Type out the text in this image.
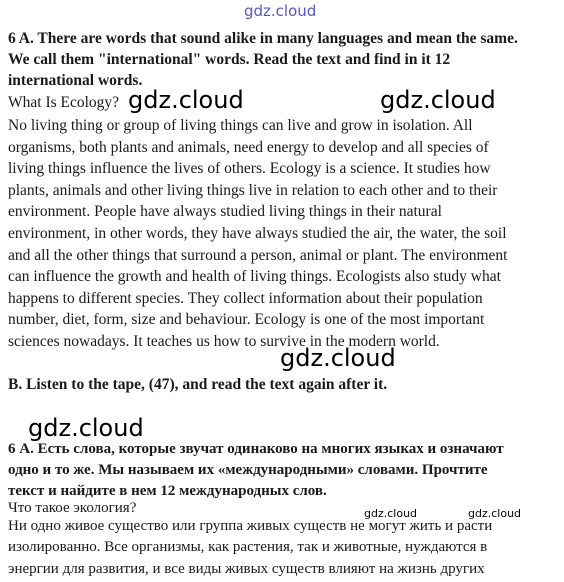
gdz.cloud
gdz.cloud	gdz.cloud
gdz.cloud
gdz.cloud
gdz.cloud	gdz.cloud
6 A. There are words that sound alike in many languages and mean the same.
We call them "international" words. Read the text and find in it 12
international words.
What Is Ecology?
No living thing or group of living things can live and grow in isolation. All
organisms, both plants and animals, need energy to develop and all species of
living things influence the lives of others. Ecology is a science. It studies how
plants, animals and other living things live in relation to each other and to their
environment. People have always studied living things in their natural
environment, in other words, they have always studied the air, the water, the soil
and all the other things that surround a person, animal or plant. The environment
can influence the growth and health of living things. Ecologists also study what
happens to different species. They collect information about their population
number, diet, form, size and behaviour. Ecology is one of the most important
sciences nowadays. It teaches us how to survive in the modern world.
B. Listen to the tape, (47), and read the text again after it.
6 А. Есть слова, которые звучат одинаково на многих языках и означают
одно и то же. Мы называем их «международными» словами. Прочтите
текст и найдите в нем 12 международных слов.
Что такое экология?
Ни одно живое существо или группа живых существ не могут жить и расти
изолированно. Все организмы, как растения, так и животные, нуждаются в
энергии для развития, и все виды живых существ влияют на жизнь других
